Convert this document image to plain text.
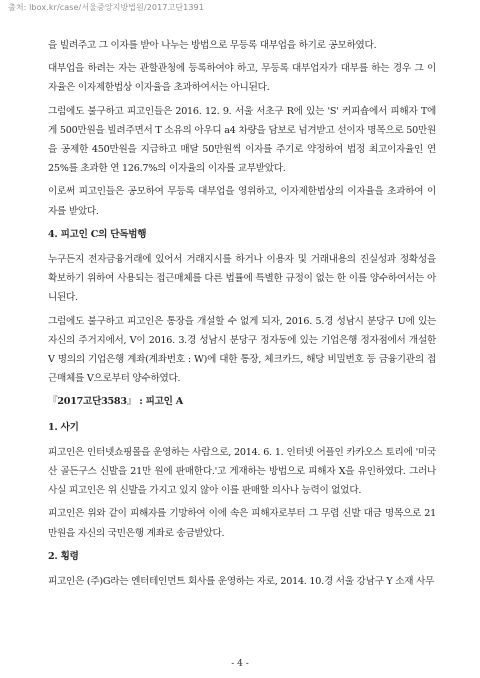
출처: lbox.kr/case/서울중앙지방법원/2017고단1391

을 빌려주고 그 이자를 받아 나누는 방법으로 무등록 대부업을 하기로 공모하였다.

대부업을 하려는 자는 관할관청에 등록하여야 하고, 무등록 대부업자가 대부를 하는 경우 그 이자율은 이자제한법상 이자율을 초과하여서는 아니된다.

그럼에도 불구하고 피고인들은 2016. 12. 9. 서울 서초구 R에 있는 'S' 커피숍에서 피해자 T에게 500만원을 빌려주면서 T 소유의 아우디 a4 차량을 담보로 넘겨받고 선이자 명목으로 50만원을 공제한 450만원을 지급하고 매달 50만원씩 이자를 주기로 약정하여 법정 최고이자율인 연 25%를 초과한 연 126.7%의 이자율의 이자를 교부받았다.

이로써 피고인들은 공모하여 무등록 대부업을 영위하고, 이자제한법상의 이자율을 초과하여 이자를 받았다.

4. 피고인 C의 단독범행

누구든지 전자금융거래에 있어서 거래지시를 하거나 이용자 및 거래내용의 진실성과 정확성을 확보하기 위하여 사용되는 접근매체를 다른 법률에 특별한 규정이 없는 한 이를 양수하여서는 아니된다.

그럼에도 불구하고 피고인은 통장을 개설할 수 없게 되자, 2016. 5.경 성남시 분당구 U에 있는 자신의 주거지에서, V이 2016. 3.경 성남시 분당구 정자동에 있는 기업은행 정자점에서 개설한 V 명의의 기업은행 계좌(계좌번호 : W)에 대한 통장, 체크카드, 해당 비밀번호 등 금융기관의 접근매체를 V으로부터 양수하였다.

『2017고단3583』 : 피고인 A

1. 사기

피고인은 인터넷쇼핑몰을 운영하는 사람으로, 2014. 6. 1. 인터넷 어플인 카카오스 토리에 '미국산 골든구스 신발을 21만 원에 판매한다.'고 게재하는 방법으로 피해자 X을 유인하였다. 그러나 사실 피고인은 위 신발을 가지고 있지 않아 이를 판매할 의사나 능력이 없었다.

피고인은 위와 같이 피해자를 기망하여 이에 속은 피해자로부터 그 무렵 신발 대금 명목으로 21만원을 자신의 국민은행 계좌로 송금받았다.

2. 횡령

피고인은 (주)G라는 엔터테인먼트 회사를 운영하는 자로, 2014. 10.경 서울 강남구 Y 소재 사무

- 4 -
